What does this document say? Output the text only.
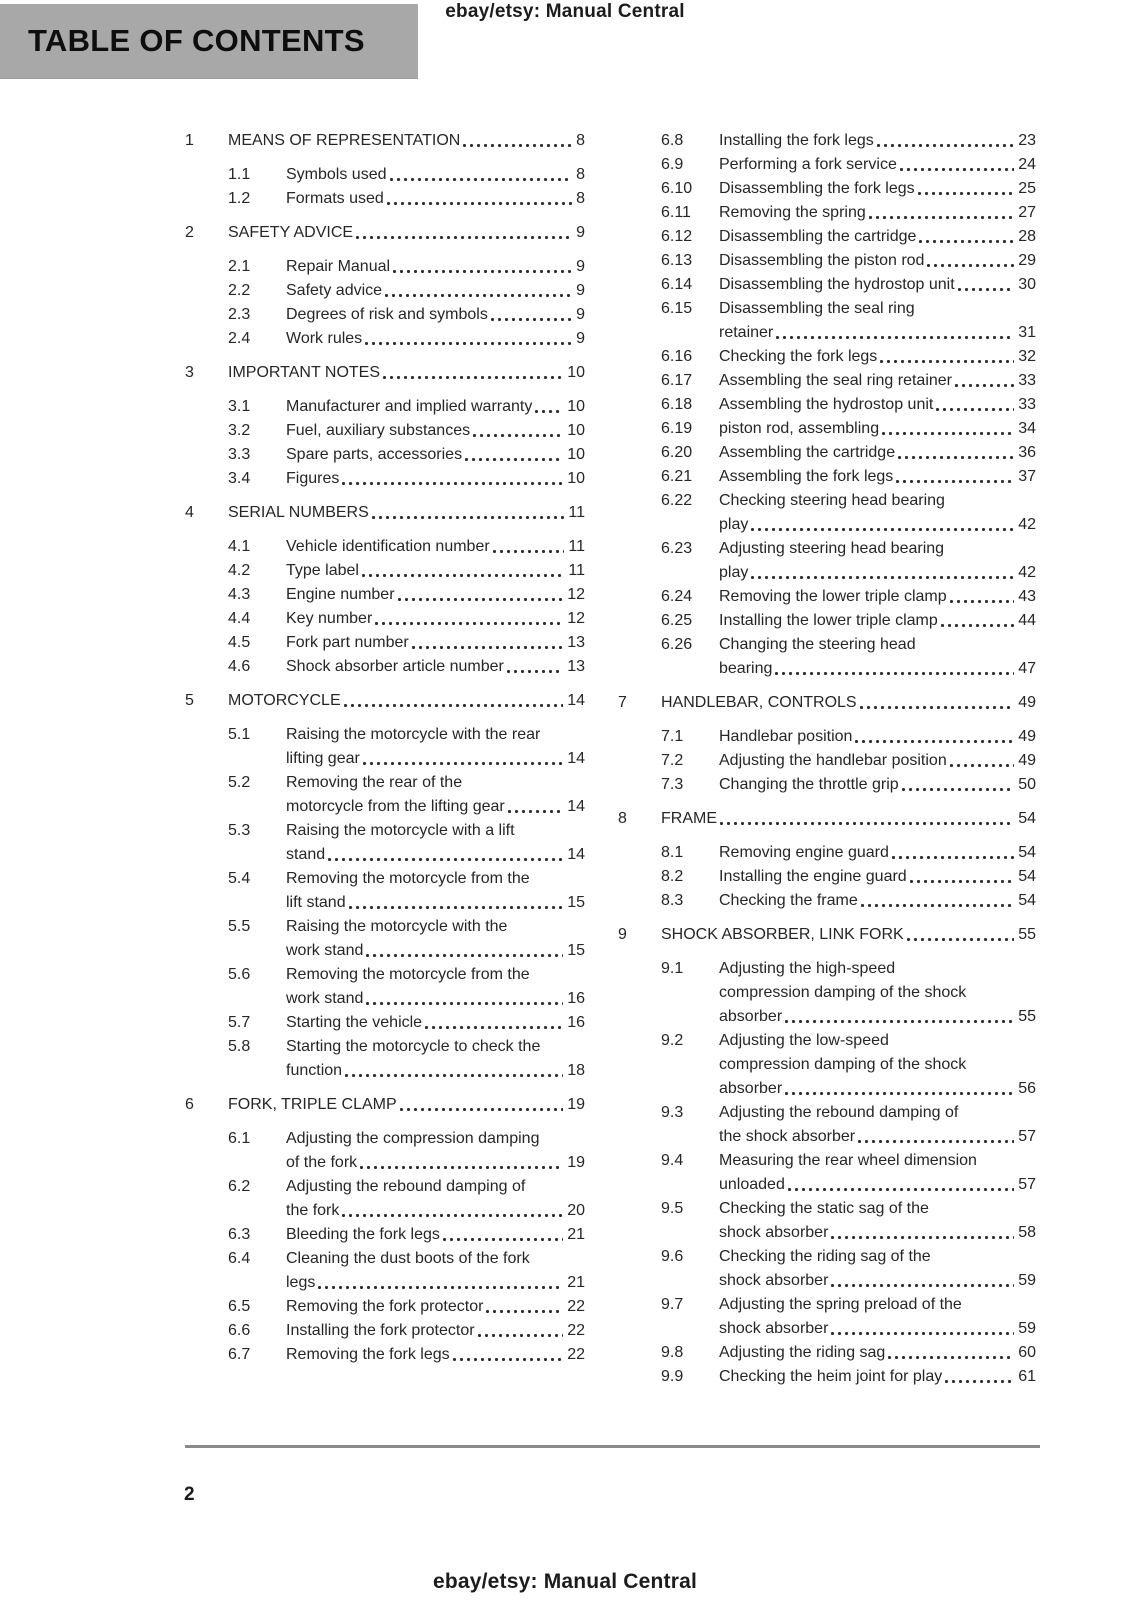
ebay/etsy: Manual Central
TABLE OF CONTENTS
1	MEANS OF REPRESENTATION	8
1.1	Symbols used	8
1.2	Formats used	8
2	SAFETY ADVICE	9
2.1	Repair Manual	9
2.2	Safety advice	9
2.3	Degrees of risk and symbols	9
2.4	Work rules	9
3	IMPORTANT NOTES	10
3.1	Manufacturer and implied warranty 10
3.2	Fuel, auxiliary substances	10
3.3	Spare parts, accessories	10
3.4	Figures	10
4	SERIAL NUMBERS	11
4.1	Vehicle identification number	11
4.2	Type label	11
4.3	Engine number	12
4.4	Key number	12
4.5	Fork part number	13
4.6	Shock absorber article number	13
5	MOTORCYCLE	14
5.1	Raising the motorcycle with the rear
lifting gear	14
5.2	Removing the rear of the
motorcycle from the lifting gear	14
5.3	Raising the motorcycle with a lift
stand	14
5.4	Removing the motorcycle from the
lift stand	15
5.5	Raising the motorcycle with the
work stand	15
5.6	Removing the motorcycle from the
work stand	16
5.7	Starting the vehicle	16
5.8	Starting the motorcycle to check the
function	18
6	FORK, TRIPLE CLAMP	19
6.1	Adjusting the compression damping
of the fork	19
6.2	Adjusting the rebound damping of
the fork	20
6.3	Bleeding the fork legs	21
6.4	Cleaning the dust boots of the fork
legs	21
6.5	Removing the fork protector	22
6.6	Installing the fork protector	22
6.7	Removing the fork legs	22
6.8	Installing the fork legs	23
6.9	Performing a fork service	24
6.10	Disassembling the fork legs	25
6.11	Removing the spring	27
6.12	Disassembling the cartridge	28
6.13	Disassembling the piston rod	29
6.14	Disassembling the hydrostop unit	30
6.15	Disassembling the seal ring
retainer	31
6.16	Checking the fork legs	32
6.17	Assembling the seal ring retainer	33
6.18	Assembling the hydrostop unit	33
6.19	piston rod, assembling	34
6.20	Assembling the cartridge	36
6.21	Assembling the fork legs	37
6.22	Checking steering head bearing
play	42
6.23	Adjusting steering head bearing
play	42
6.24	Removing the lower triple clamp	43
6.25	Installing the lower triple clamp	44
6.26	Changing the steering head
bearing	47
7	HANDLEBAR, CONTROLS	49
7.1	Handlebar position	49
7.2	Adjusting the handlebar position	49
7.3	Changing the throttle grip	50
8	FRAME	54
8.1	Removing engine guard	54
8.2	Installing the engine guard	54
8.3	Checking the frame	54
9	SHOCK ABSORBER, LINK FORK	55
9.1	Adjusting the high-speed
compression damping of the shock
absorber	55
9.2	Adjusting the low-speed
compression damping of the shock
absorber	56
9.3	Adjusting the rebound damping of
the shock absorber	57
9.4	Measuring the rear wheel dimension
unloaded	57
9.5	Checking the static sag of the
shock absorber	58
9.6	Checking the riding sag of the
shock absorber	59
9.7	Adjusting the spring preload of the
shock absorber	59
9.8	Adjusting the riding sag	60
9.9	Checking the heim joint for play	61
2
ebay/etsy: Manual Central
